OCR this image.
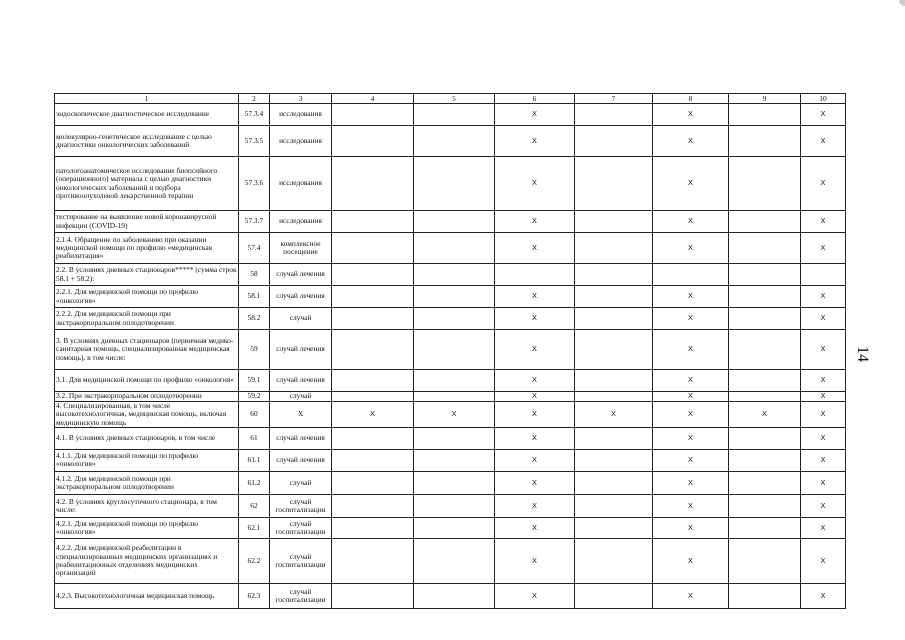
1	2	3	4	5	6	7	8	9	10
эндоскопическое диагностическое исследование	57.3.4	исследования			X		X		X
молекулярно-генетическое исследование с целью диагностики онкологических заболеваний	57.3.5	исследования			X		X		X
патологоанатомическое исследование биопсийного (операционного) материала с целью диагностики онкологических заболеваний и подбора противоопухолевой лекарственной терапии	57.3.6	исследования			X		X		X
тестирование на выявление новой коронавирусной инфекции (COVID-19)	57.3.7	исследования			X		X		X
2.1.4. Обращение по заболеванию при оказании медицинской помощи по профилю «медицинская реабилитация»	57.4	комплексное посещение			X		X		X
2.2. В условиях дневных стационаров***** (сумма строк 58.1 + 58.2):	58	случай лечения							
2.2.1. Для медицинской помощи по профилю «онкология»	58.1	случай лечения			X		X		X
2.2.2. Для медицинской помощи при экстракорпоральном оплодотворении	58.2	случай			X		X		X
3. В условиях дневных стационаров (первичная медико-санитарная помощь, специализированная медицинская помощь), в том числе:	59	случай лечения			X		X		X
3.1. Для медицинской помощи по профилю «онкология»	59.1	случай лечения			X		X		X
3.2. При экстракорпоральном оплодотворении	59.2	случай			X		X		X
4. Специализированная, в том числе высокотехнологичная, медицинская помощь, включая медицинскую помощь	60	X	X	X	X	X	X	X	X
4.1. В условиях дневных стационаров, в том числе	61	случай лечения			X		X		X
4.1.1. Для медицинской помощи по профилю «онкология»	61.1	случай лечения			X		X		X
4.1.2. Для медицинской помощи при экстракорпоральном оплодотворении	61.2	случай			X		X		X
4.2. В условиях круглосуточного стационара, в том числе:	62	случай госпитализации			X		X		X
4.2.1. Для медицинской помощи по профилю «онкология»	62.1	случай госпитализации			X		X		X
4.2.2. Для медицинской реабилитации в специализированных медицинских организациях и реабилитационных отделениях медицинских организаций	62.2	случай госпитализации			X		X		X
4.2.3. Высокотехнологичная медицинская помощь	62.3	случай госпитализации			X		X		X
14
